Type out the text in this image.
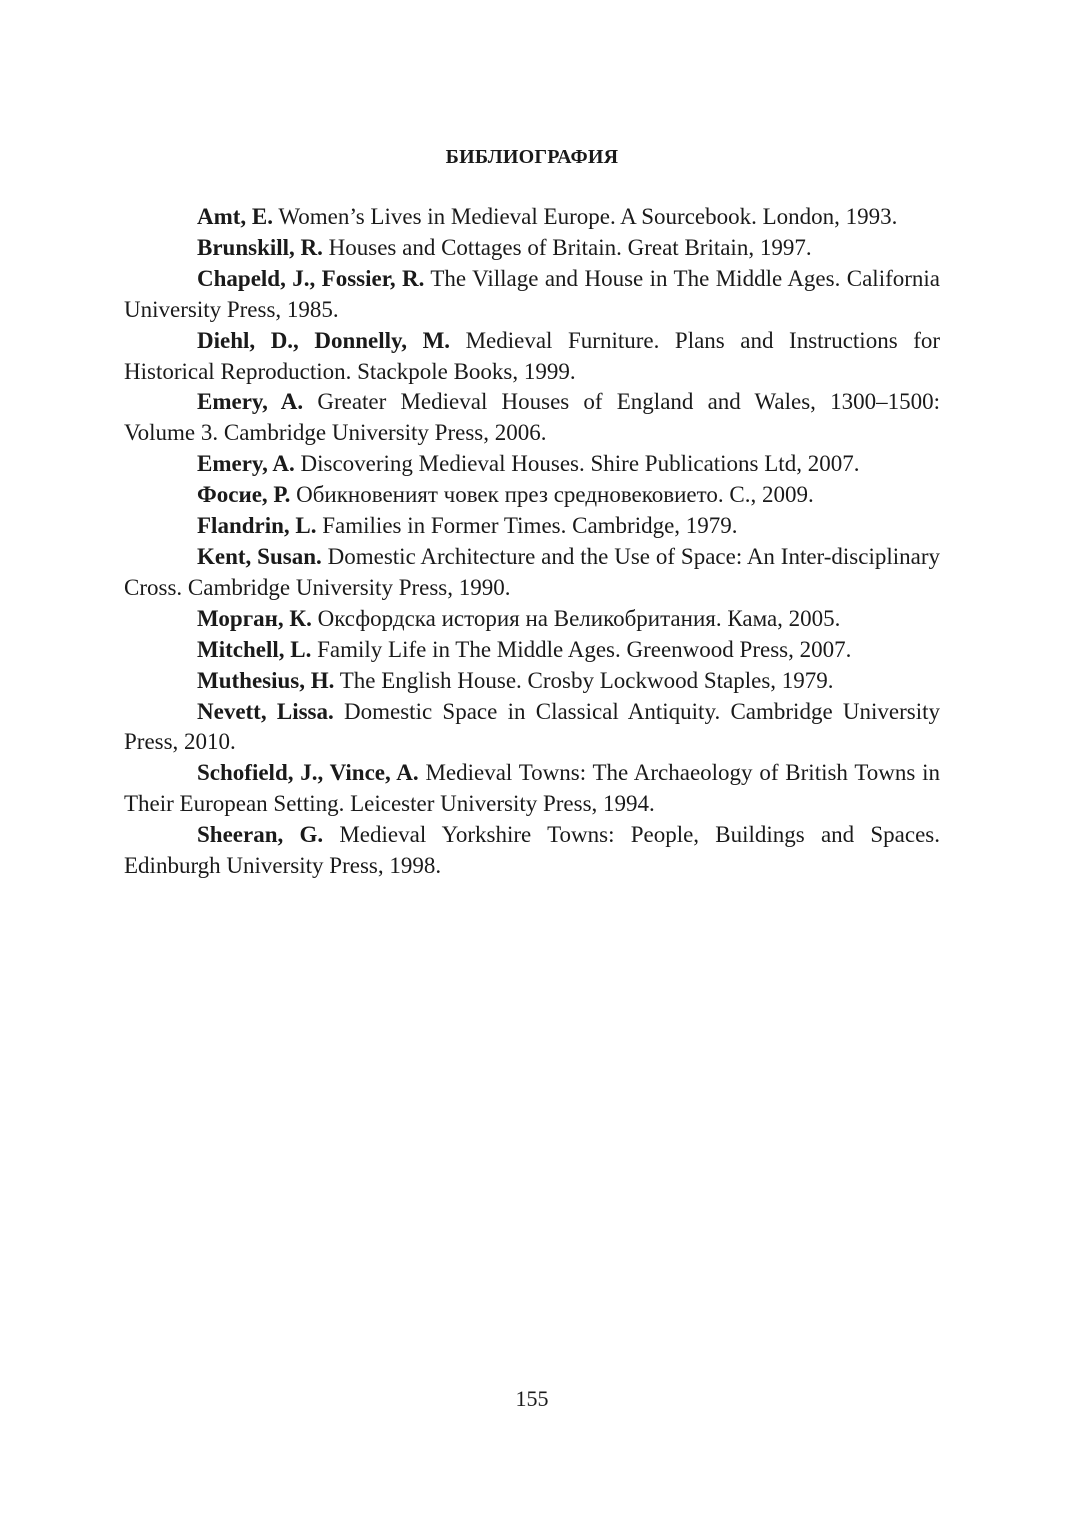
БИБЛИОГРАФИЯ

Amt, E. Women’s Lives in Medieval Europe. A Sourcebook. London, 1993.

Brunskill, R. Houses and Cottages of Britain. Great Britain, 1997.

Chapeld, J., Fossier, R. The Village and House in The Middle Ages. California University Press, 1985.

Diehl, D., Donnelly, M. Medieval Furniture. Plans and Instructions for Historical Reproduction. Stackpole Books, 1999.

Emery, A. Greater Medieval Houses of England and Wales, 1300–1500: Volume 3. Cambridge University Press, 2006.

Emery, A. Discovering Medieval Houses. Shire Publications Ltd, 2007.

Фосие, Р. Обикновеният човек през средновековието. С., 2009.

Flandrin, L. Families in Former Times. Cambridge, 1979.

Kent, Susan. Domestic Architecture and the Use of Space: An Inter-disciplinary Cross. Cambridge University Press, 1990.

Морган, К. Оксфордска история на Великобритания. Кама, 2005.

Mitchell, L. Family Life in The Middle Ages. Greenwood Press, 2007.

Muthesius, H. The English House. Crosby Lockwood Staples, 1979.

Nevett, Lissa. Domestic Space in Classical Antiquity. Cambridge University Press, 2010.

Schofield, J., Vince, A. Medieval Towns: The Archaeology of British Towns in Their European Setting. Leicester University Press, 1994.

Sheeran, G. Medieval Yorkshire Towns: People, Buildings and Spaces. Edinburgh University Press, 1998.

155
